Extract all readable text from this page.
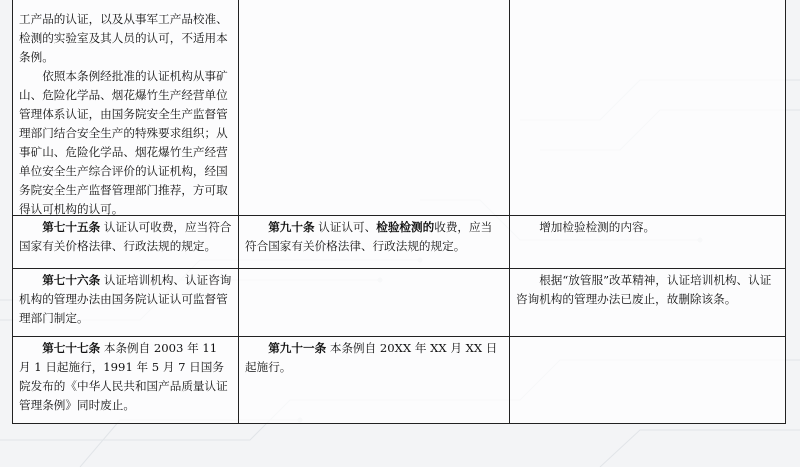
工产品的认证，以及从事军工产品校准、检测的实验室及其人员的认可，不适用本条例。

依照本条例经批准的认证机构从事矿山、危险化学品、烟花爆竹生产经营单位管理体系认证，由国务院安全生产监督管理部门结合安全生产的特殊要求组织；从事矿山、危险化学品、烟花爆竹生产经营单位安全生产综合评价的认证机构，经国务院安全生产监督管理部门推荐，方可取得认可机构的认可。

第七十五条 认证认可收费，应当符合国家有关价格法律、行政法规的规定。

第九十条 认证认可、检验检测的收费，应当符合国家有关价格法律、行政法规的规定。

增加检验检测的内容。

第七十六条 认证培训机构、认证咨询机构的管理办法由国务院认证认可监督管理部门制定。

根据“放管服”改革精神，认证培训机构、认证咨询机构的管理办法已废止，故删除该条。

第七十七条 本条例自 2003 年 11 月 1 日起施行，1991 年 5 月 7 日国务院发布的《中华人民共和国产品质量认证管理条例》同时废止。

第九十一条 本条例自 20XX 年 XX 月 XX 日起施行。
